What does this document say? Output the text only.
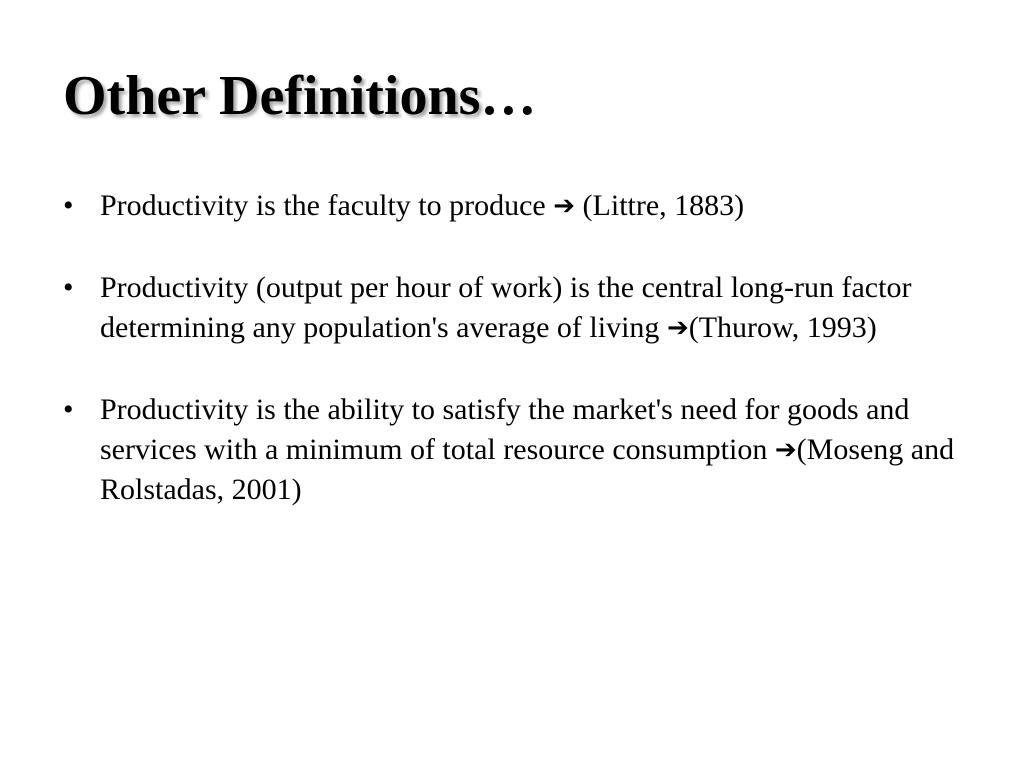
Other Definitions…
• Productivity is the faculty to produce ➔ (Littre, 1883)
• Productivity (output per hour of work) is the central long-run factor determining any population's average of living ➔(Thurow, 1993)
• Productivity is the ability to satisfy the market's need for goods and services with a minimum of total resource consumption ➔(Moseng and Rolstadas, 2001)
